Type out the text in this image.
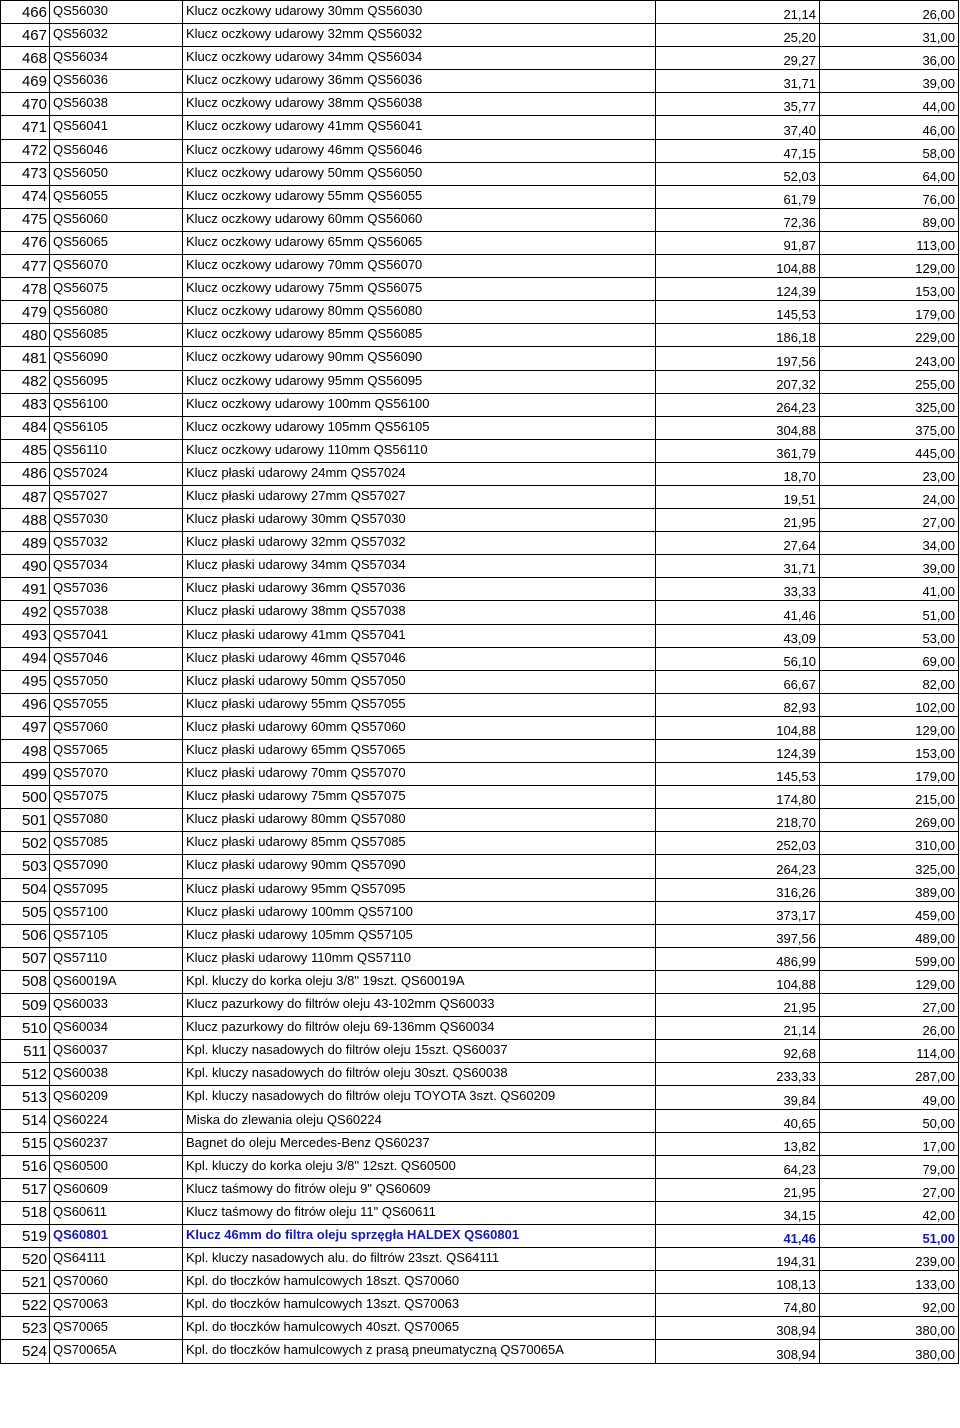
466	QS56030	Klucz oczkowy udarowy 30mm QS56030	21,14	26,00
467	QS56032	Klucz oczkowy udarowy 32mm QS56032	25,20	31,00
468	QS56034	Klucz oczkowy udarowy 34mm QS56034	29,27	36,00
469	QS56036	Klucz oczkowy udarowy 36mm QS56036	31,71	39,00
470	QS56038	Klucz oczkowy udarowy 38mm QS56038	35,77	44,00
471	QS56041	Klucz oczkowy udarowy 41mm QS56041	37,40	46,00
472	QS56046	Klucz oczkowy udarowy 46mm QS56046	47,15	58,00
473	QS56050	Klucz oczkowy udarowy 50mm QS56050	52,03	64,00
474	QS56055	Klucz oczkowy udarowy 55mm QS56055	61,79	76,00
475	QS56060	Klucz oczkowy udarowy 60mm QS56060	72,36	89,00
476	QS56065	Klucz oczkowy udarowy 65mm QS56065	91,87	113,00
477	QS56070	Klucz oczkowy udarowy 70mm QS56070	104,88	129,00
478	QS56075	Klucz oczkowy udarowy 75mm QS56075	124,39	153,00
479	QS56080	Klucz oczkowy udarowy 80mm QS56080	145,53	179,00
480	QS56085	Klucz oczkowy udarowy 85mm QS56085	186,18	229,00
481	QS56090	Klucz oczkowy udarowy 90mm QS56090	197,56	243,00
482	QS56095	Klucz oczkowy udarowy 95mm QS56095	207,32	255,00
483	QS56100	Klucz oczkowy udarowy 100mm QS56100	264,23	325,00
484	QS56105	Klucz oczkowy udarowy 105mm QS56105	304,88	375,00
485	QS56110	Klucz oczkowy udarowy 110mm QS56110	361,79	445,00
486	QS57024	Klucz płaski udarowy 24mm QS57024	18,70	23,00
487	QS57027	Klucz płaski udarowy 27mm QS57027	19,51	24,00
488	QS57030	Klucz płaski udarowy 30mm QS57030	21,95	27,00
489	QS57032	Klucz płaski udarowy 32mm QS57032	27,64	34,00
490	QS57034	Klucz płaski udarowy 34mm QS57034	31,71	39,00
491	QS57036	Klucz płaski udarowy 36mm QS57036	33,33	41,00
492	QS57038	Klucz płaski udarowy 38mm QS57038	41,46	51,00
493	QS57041	Klucz płaski udarowy 41mm QS57041	43,09	53,00
494	QS57046	Klucz płaski udarowy 46mm QS57046	56,10	69,00
495	QS57050	Klucz płaski udarowy 50mm QS57050	66,67	82,00
496	QS57055	Klucz płaski udarowy 55mm QS57055	82,93	102,00
497	QS57060	Klucz płaski udarowy 60mm QS57060	104,88	129,00
498	QS57065	Klucz płaski udarowy 65mm QS57065	124,39	153,00
499	QS57070	Klucz płaski udarowy 70mm QS57070	145,53	179,00
500	QS57075	Klucz płaski udarowy 75mm QS57075	174,80	215,00
501	QS57080	Klucz płaski udarowy 80mm QS57080	218,70	269,00
502	QS57085	Klucz płaski udarowy 85mm QS57085	252,03	310,00
503	QS57090	Klucz płaski udarowy 90mm QS57090	264,23	325,00
504	QS57095	Klucz płaski udarowy 95mm QS57095	316,26	389,00
505	QS57100	Klucz płaski udarowy 100mm QS57100	373,17	459,00
506	QS57105	Klucz płaski udarowy 105mm QS57105	397,56	489,00
507	QS57110	Klucz płaski udarowy 110mm QS57110	486,99	599,00
508	QS60019A	Kpl. kluczy do korka oleju 3/8" 19szt. QS60019A	104,88	129,00
509	QS60033	Klucz pazurkowy do filtrów oleju 43-102mm QS60033	21,95	27,00
510	QS60034	Klucz pazurkowy do filtrów oleju 69-136mm QS60034	21,14	26,00
511	QS60037	Kpl. kluczy nasadowych do filtrów oleju 15szt. QS60037	92,68	114,00
512	QS60038	Kpl. kluczy nasadowych do filtrów oleju 30szt. QS60038	233,33	287,00
513	QS60209	Kpl. kluczy nasadowych do filtrów oleju TOYOTA 3szt. QS60209	39,84	49,00
514	QS60224	Miska do zlewania oleju QS60224	40,65	50,00
515	QS60237	Bagnet do oleju Mercedes-Benz QS60237	13,82	17,00
516	QS60500	Kpl. kluczy do korka oleju 3/8" 12szt. QS60500	64,23	79,00
517	QS60609	Klucz taśmowy do fitrów oleju 9" QS60609	21,95	27,00
518	QS60611	Klucz taśmowy do fitrów oleju 11" QS60611	34,15	42,00
519	QS60801	Klucz 46mm do filtra oleju sprzęgła HALDEX QS60801	41,46	51,00
520	QS64111	Kpl. kluczy nasadowych alu. do filtrów 23szt. QS64111	194,31	239,00
521	QS70060	Kpl. do tłoczków hamulcowych 18szt. QS70060	108,13	133,00
522	QS70063	Kpl. do tłoczków hamulcowych 13szt. QS70063	74,80	92,00
523	QS70065	Kpl. do tłoczków hamulcowych 40szt. QS70065	308,94	380,00
524	QS70065A	Kpl. do tłoczków hamulcowych z prasą pneumatyczną QS70065A	308,94	380,00
